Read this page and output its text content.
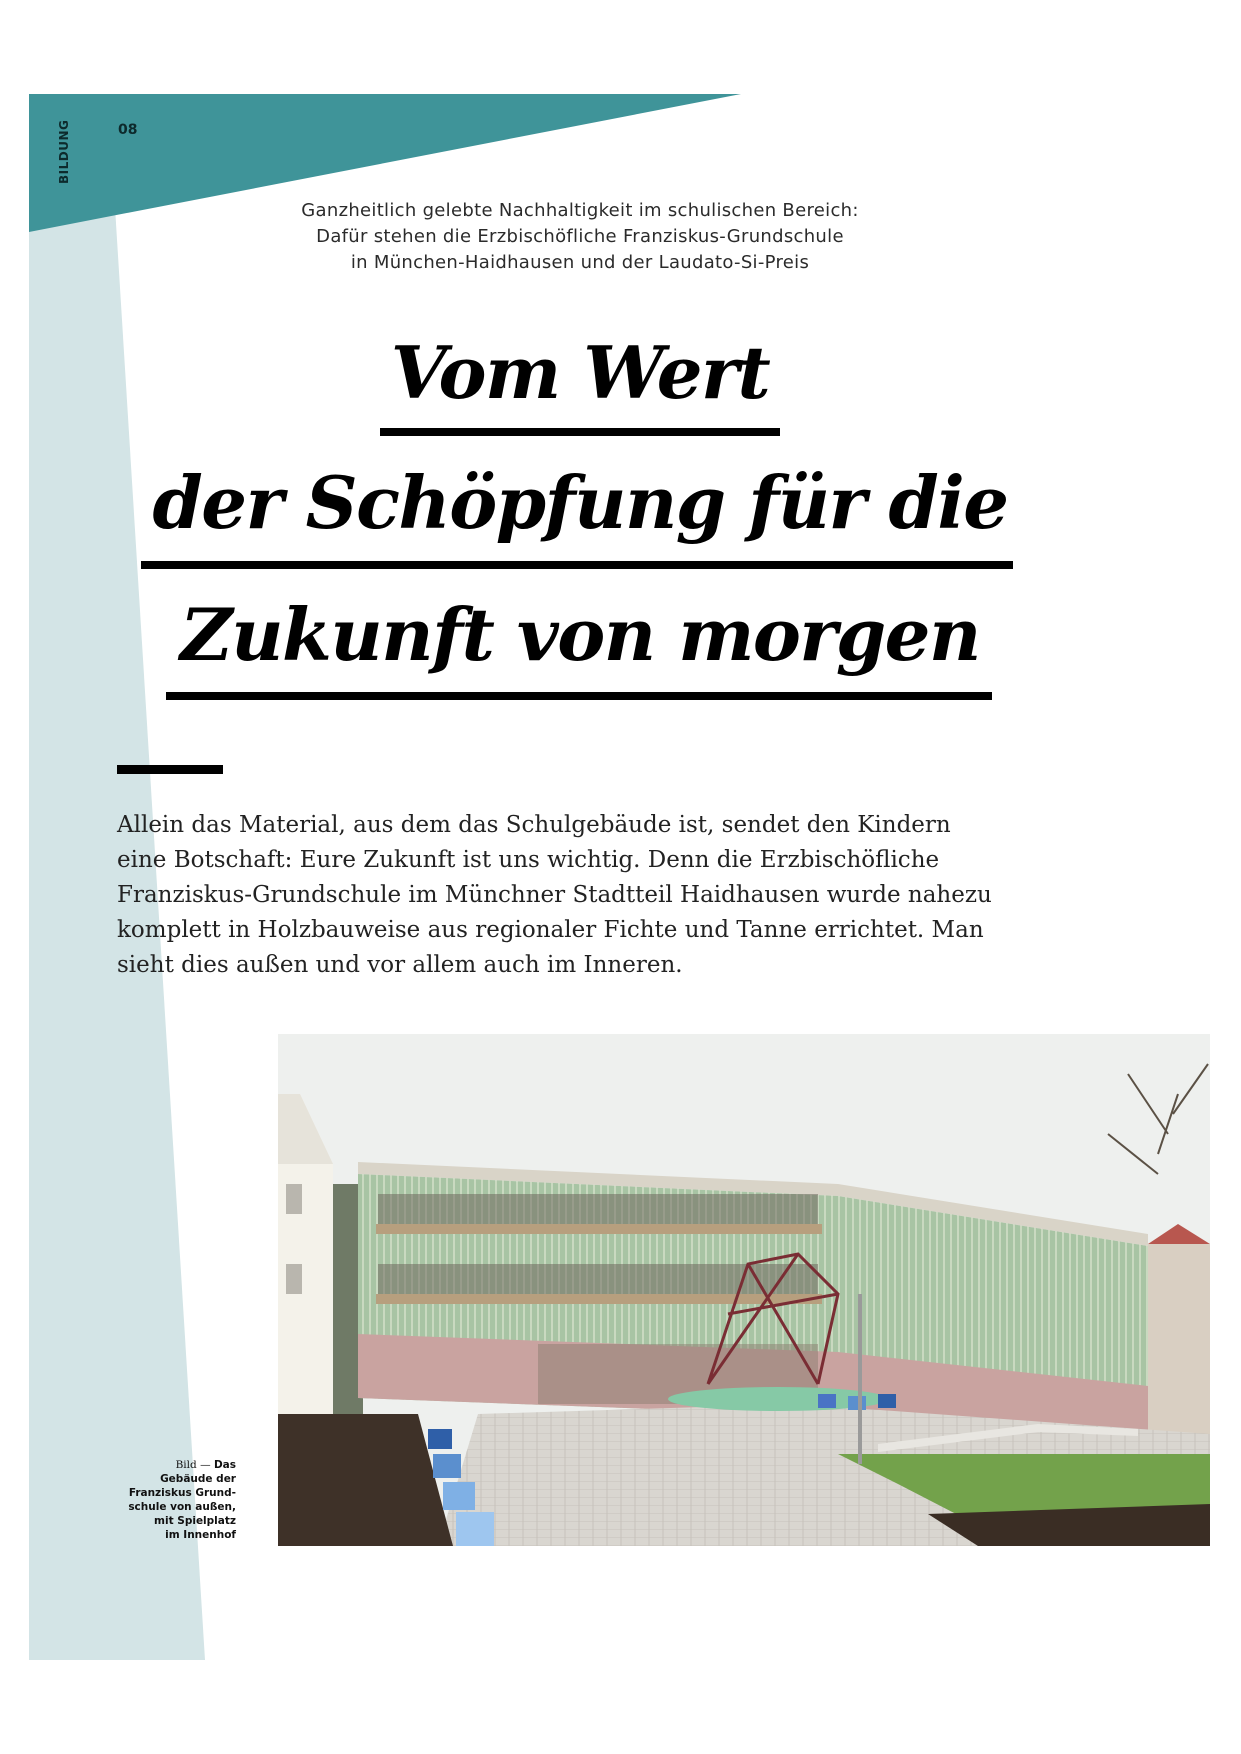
BILDUNG	08
Ganzheitlich gelebte Nachhaltigkeit im schulischen Bereich:
Dafür stehen die Erzbischöfliche Franziskus-Grundschule
in München-Haidhausen und der Laudato-Si-Preis
Vom Wert
der Schöpfung für die
Zukunft von morgen
Allein das Material, aus dem das Schulgebäude ist, sendet den Kindern
eine Botschaft: Eure Zukunft ist uns wichtig. Denn die Erzbischöfliche
Franziskus-Grundschule im Münchner Stadtteil Haidhausen wurde nahezu
komplett in Holzbauweise aus regionaler Fichte und Tanne errichtet. Man
sieht dies außen und vor allem auch im Inneren.
Bild — Das
Gebäude der
Franziskus Grund-
schule von außen,
mit Spielplatz
im Innenhof
